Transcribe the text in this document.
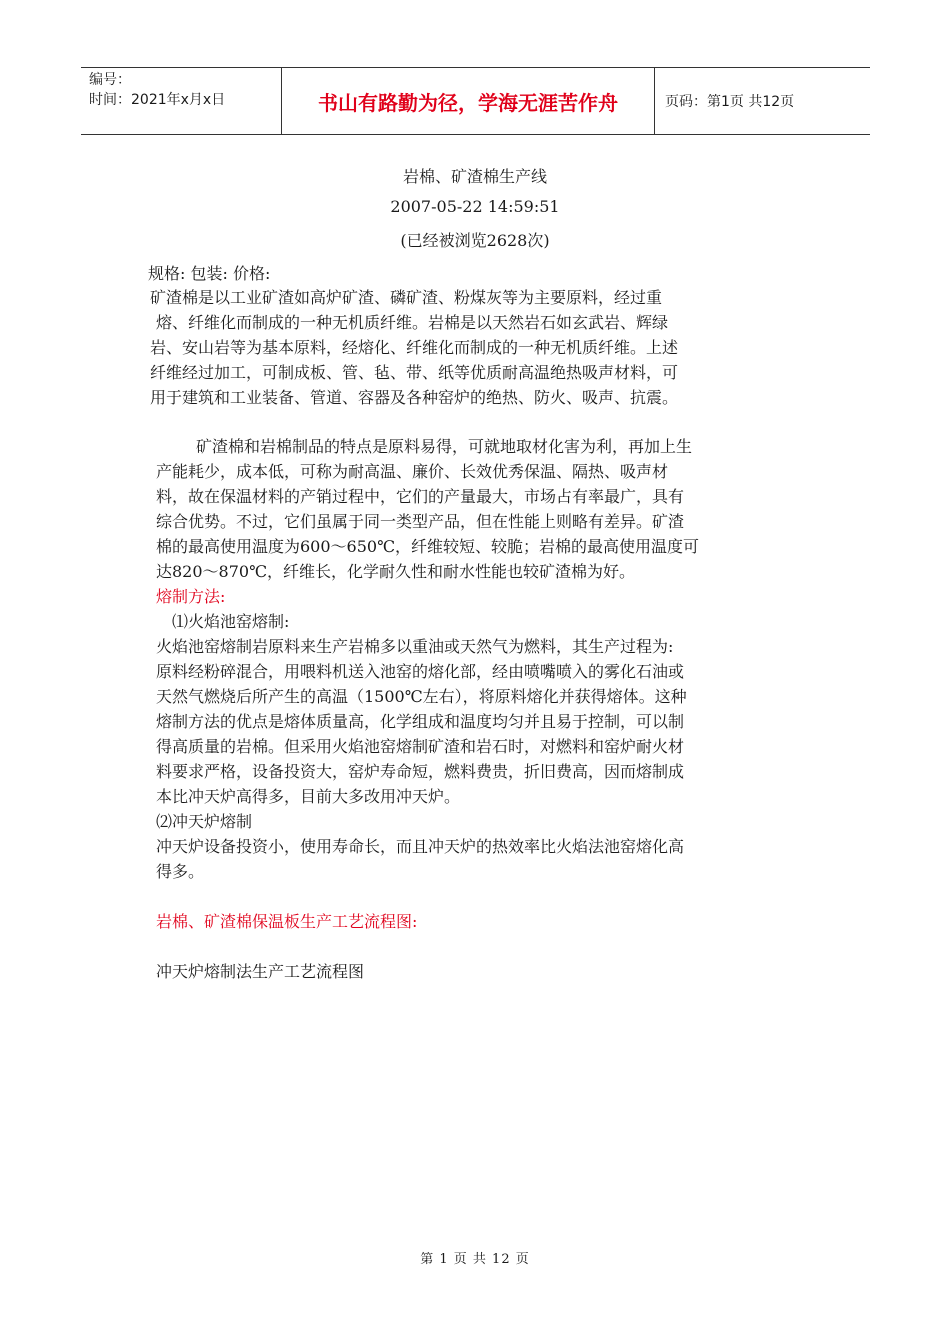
编号：
时间：2021年x月x日	书山有路勤为径，学海无涯苦作舟	页码：第1页 共12页
岩棉、矿渣棉生产线
2007-05-22 14:59:51
(已经被浏览2628次)
规格: 包装: 价格:
矿渣棉是以工业矿渣如高炉矿渣、磷矿渣、粉煤灰等为主要原料，经过重
熔、纤维化而制成的一种无机质纤维。岩棉是以天然岩石如玄武岩、辉绿
岩、安山岩等为基本原料，经熔化、纤维化而制成的一种无机质纤维。上述
纤维经过加工，可制成板、管、毡、带、纸等优质耐高温绝热吸声材料，可
用于建筑和工业装备、管道、容器及各种窑炉的绝热、防火、吸声、抗震。
矿渣棉和岩棉制品的特点是原料易得，可就地取材化害为利，再加上生
产能耗少，成本低，可称为耐高温、廉价、长效优秀保温、隔热、吸声材
料，故在保温材料的产销过程中，它们的产量最大，市场占有率最广，具有
综合优势。不过，它们虽属于同一类型产品，但在性能上则略有差异。矿渣
棉的最高使用温度为600～650℃，纤维较短、较脆；岩棉的最高使用温度可
达820～870℃，纤维长，化学耐久性和耐水性能也较矿渣棉为好。
熔制方法:
⑴火焰池窑熔制:
火焰池窑熔制岩原料来生产岩棉多以重油或天然气为燃料，其生产过程为:
原料经粉碎混合，用喂料机送入池窑的熔化部，经由喷嘴喷入的雾化石油或
天然气燃烧后所产生的高温（1500℃左右），将原料熔化并获得熔体。这种
熔制方法的优点是熔体质量高，化学组成和温度均匀并且易于控制，可以制
得高质量的岩棉。但采用火焰池窑熔制矿渣和岩石时，对燃料和窑炉耐火材
料要求严格，设备投资大，窑炉寿命短，燃料费贵，折旧费高，因而熔制成
本比冲天炉高得多，目前大多改用冲天炉。
⑵冲天炉熔制
冲天炉设备投资小，使用寿命长，而且冲天炉的热效率比火焰法池窑熔化高
得多。
岩棉、矿渣棉保温板生产工艺流程图:
冲天炉熔制法生产工艺流程图
第 1 页 共 12 页
